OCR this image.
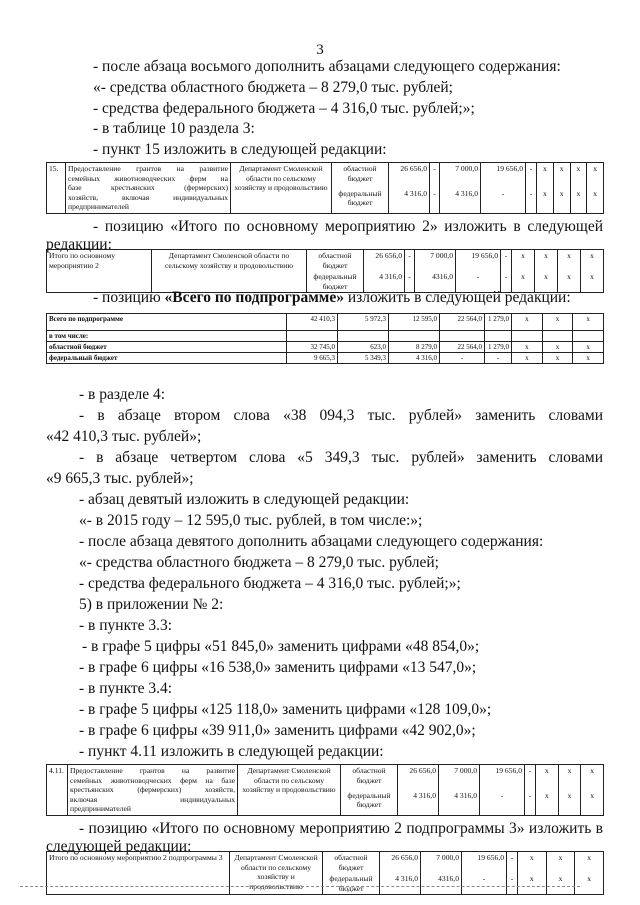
3
- после абзаца восьмого дополнить абзацами следующего содержания:
«- средства областного бюджета – 8 279,0 тыс. рублей;
- средства федерального бюджета – 4 316,0 тыс. рублей;»;
- в таблице 10 раздела 3:
- пункт 15 изложить в следующей редакции:
15.	Предоставление грантов на развитие
семейных животноводческих ферм на
базе крестьянских (фермерских)
хозяйств, включая индивидуальных
предпринимателей	Департамент Смоленской области по сельскому хозяйству и продовольствию	областной бюджет	26 656,0	-	7 000,0	19 656,0	-	х	х	х	х
			федеральный бюджет	4 316,0	-	4 316,0	-	-	х	х	х	х
- позицию «Итого по основному мероприятию 2» изложить в следующей
редакции:
Итого по основному мероприятию 2	Департамент Смоленской области по сельскому хозяйству и продовольствию	областной бюджет	26 656,0	-	7 000,0	19 656,0	-	х	х	х	х
		федеральный бюджет	4 316,0	-	4316,0	-	-	х	х	х	х
- позицию «Всего по подпрограмме» изложить в следующей редакции:
Всего по подпрограмме	42 410,3	5 972,3	12 595,0	22 564,0	1 279,0	х	х	х
в том числе:								
областной бюджет	32 745,0	623,0	8 279,0	22 564,0	1 279,0	х	х	х
федеральный бюджет	9 665,3	5 349,3	4 316,0	-	-	х	х	х
- в разделе 4:
- в абзаце втором слова «38 094,3 тыс. рублей» заменить словами
«42 410,3 тыс. рублей»;
- в абзаце четвертом слова «5 349,3 тыс. рублей» заменить словами
«9 665,3 тыс. рублей»;
- абзац девятый изложить в следующей редакции:
«- в 2015 году – 12 595,0 тыс. рублей, в том числе:»;
- после абзаца девятого дополнить абзацами следующего содержания:
«- средства областного бюджета – 8 279,0 тыс. рублей;
- средства федерального бюджета – 4 316,0 тыс. рублей;»;
5) в приложении № 2:
- в пункте 3.3:
- в графе 5 цифры «51 845,0» заменить цифрами «48 854,0»;
- в графе 6 цифры «16 538,0» заменить цифрами «13 547,0»;
- в пункте 3.4:
- в графе 5 цифры «125 118,0» заменить цифрами «128 109,0»;
- в графе 6 цифры «39 911,0» заменить цифрами «42 902,0»;
- пункт 4.11 изложить в следующей редакции:
4.11.	Предоставление грантов на развитие
семейных животноводческих ферм на базе
крестьянских (фермерских) хозяйств,
включая индивидуальных
предпринимателей	Департамент Смоленской области по сельскому хозяйству и продовольствию	областной бюджет	26 656,0	7 000,0	19 656,0	-	х	х	х
			федеральный бюджет	4 316,0	4 316,0	-	-	х	х	х
- позицию «Итого по основному мероприятию 2 подпрограммы 3» изложить в
следующей редакции:
Итого по основному мероприятию 2 подпрограммы 3	Департамент Смоленской области по сельскому хозяйству и продовольствию	областной бюджет	26 656,0	7 000,0	19 656,0	-	х	х	х
		федеральный бюджет	4 316,0	4316,0	-	-	х	х	х
